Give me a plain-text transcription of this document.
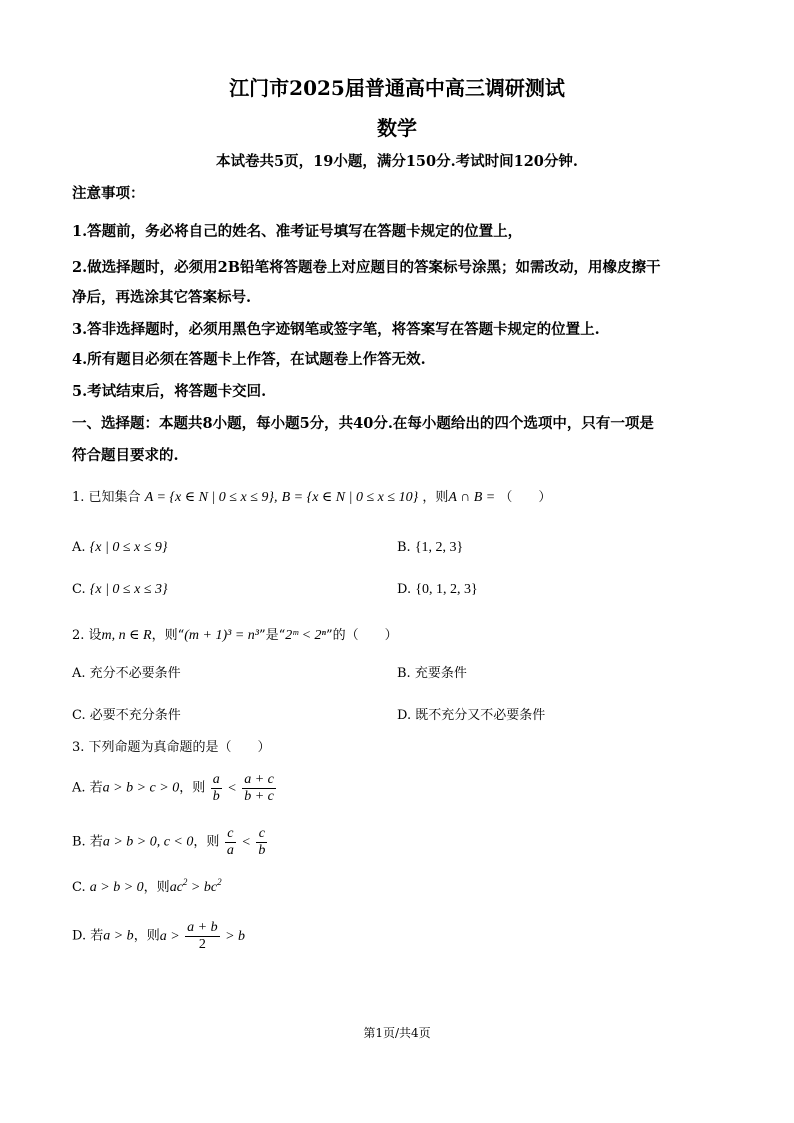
江门市2025届普通高中高三调研测试
数学
本试卷共5页，19小题，满分150分.考试时间120分钟.
注意事项：
1.答题前，务必将自己的姓名、准考证号填写在答题卡规定的位置上，
2.做选择题时，必须用2B铅笔将答题卷上对应题目的答案标号涂黑；如需改动，用橡皮擦干
净后，再选涂其它答案标号.
3.答非选择题时，必须用黑色字迹钢笔或签字笔，将答案写在答题卡规定的位置上.
4.所有题目必须在答题卡上作答，在试题卷上作答无效.
5.考试结束后，将答题卡交回.
一、选择题：本题共8小题，每小题5分，共40分.在每小题给出的四个选项中，只有一项是
符合题目要求的.
1. 已知集合 A = {x ∈ N | 0 ≤ x ≤ 9}, B = {x ∈ N | 0 ≤ x ≤ 10} ，则A ∩ B = （　　）
A. {x | 0 ≤ x ≤ 9}	B. {1, 2, 3}
C. {x | 0 ≤ x ≤ 3}	D. {0, 1, 2, 3}
2. 设m, n ∈ R，则“(m + 1)³ = n³”是“2ᵐ < 2ⁿ”的（　　）
A. 充分不必要条件	B. 充要条件
C. 必要不充分条件	D. 既不充分又不必要条件
3. 下列命题为真命题的是（　　）
A. 若a > b > c > 0，则 $\frac{a}{b} < \frac{a + c}{b + c}$
B. 若a > b > 0, c < 0，则 $\frac{c}{a} < \frac{c}{b}$
C. a > b > 0，则$ac^2 > bc^2$
D. 若a > b，则$a > \frac{a + b}{2} > b$
第1页/共4页
